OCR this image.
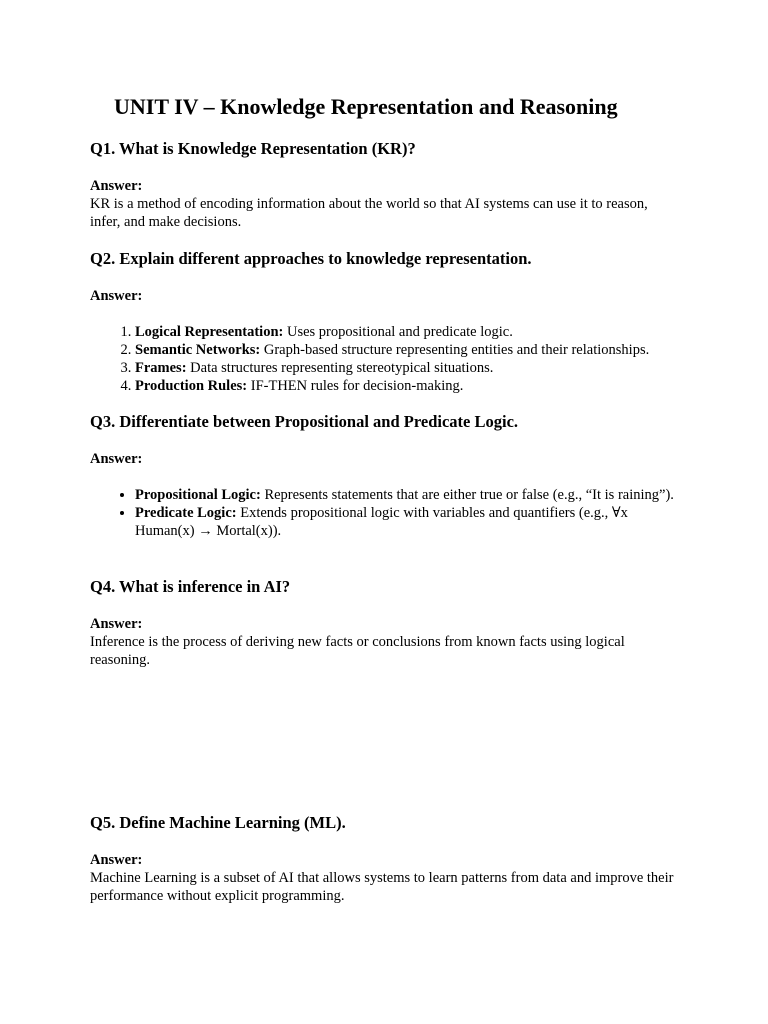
UNIT IV – Knowledge Representation and Reasoning
Q1. What is Knowledge Representation (KR)?

Answer:

KR is a method of encoding information about the world so that AI systems can use it to reason, infer, and make decisions.

Q2. Explain different approaches to knowledge representation.

Answer:

1. Logical Representation: Uses propositional and predicate logic.
2. Semantic Networks: Graph-based structure representing entities and their relationships.
3. Frames: Data structures representing stereotypical situations.
4. Production Rules: IF-THEN rules for decision-making.
Q3. Differentiate between Propositional and Predicate Logic.

Answer:

• Propositional Logic: Represents statements that are either true or false (e.g., “It is raining”).
• Predicate Logic: Extends propositional logic with variables and quantifiers (e.g., ∀x Human(x) → Mortal(x)).
Q4. What is inference in AI?

Answer:

Inference is the process of deriving new facts or conclusions from known facts using logical reasoning.

Q5. Define Machine Learning (ML).

Answer:

Machine Learning is a subset of AI that allows systems to learn patterns from data and improve their performance without explicit programming.
